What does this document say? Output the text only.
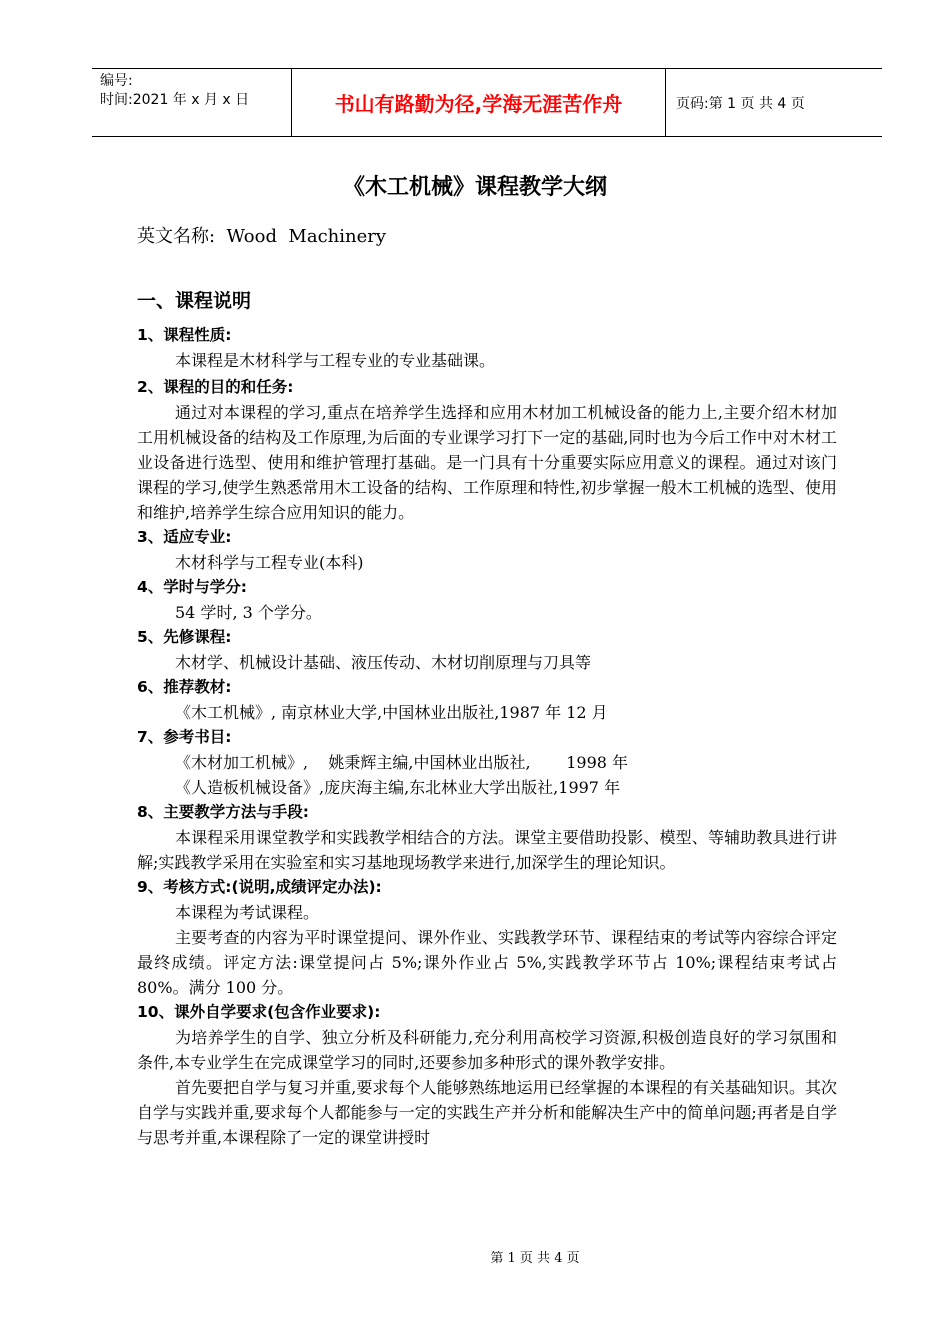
编号:
时间:2021 年 x 月 x 日	书山有路勤为径,学海无涯苦作舟	页码:第 1 页 共 4 页
《木工机械》课程教学大纲
英文名称:  Wood  Machinery
一、课程说明
1、课程性质:

本课程是木材科学与工程专业的专业基础课。

2、课程的目的和任务:

通过对本课程的学习,重点在培养学生选择和应用木材加工机械设备的能力上,主要介绍木材加工用机械设备的结构及工作原理,为后面的专业课学习打下一定的基础,同时也为今后工作中对木材工业设备进行选型、使用和维护管理打基础。是一门具有十分重要实际应用意义的课程。通过对该门课程的学习,使学生熟悉常用木工设备的结构、工作原理和特性,初步掌握一般木工机械的选型、使用和维护,培养学生综合应用知识的能力。

3、适应专业:

木材科学与工程专业(本科)

4、学时与学分:

54 学时, 3 个学分。

5、先修课程:

木材学、机械设计基础、液压传动、木材切削原理与刀具等

6、推荐教材:

《木工机械》, 南京林业大学,中国林业出版社,1987 年 12 月

7、参考书目:
《木材加工机械》,    姚秉辉主编,中国林业出版社,       1998 年
《人造板机械设备》,庞庆海主编,东北林业大学出版社,1997 年
8、主要教学方法与手段:

本课程采用课堂教学和实践教学相结合的方法。课堂主要借助投影、模型、等辅助教具进行讲解;实践教学采用在实验室和实习基地现场教学来进行,加深学生的理论知识。

9、考核方式:(说明,成绩评定办法):

本课程为考试课程。

主要考查的内容为平时课堂提问、课外作业、实践教学环节、课程结束的考试等内容综合评定最终成绩。评定方法:课堂提问占 5%;课外作业占 5%,实践教学环节占 10%;课程结束考试占 80%。满分 100 分。

10、课外自学要求(包含作业要求):

为培养学生的自学、独立分析及科研能力,充分利用高校学习资源,积极创造良好的学习氛围和条件,本专业学生在完成课堂学习的同时,还要参加多种形式的课外教学安排。

首先要把自学与复习并重,要求每个人能够熟练地运用已经掌握的本课程的有关基础知识。其次自学与实践并重,要求每个人都能参与一定的实践生产并分析和能解决生产中的简单问题;再者是自学与思考并重,本课程除了一定的课堂讲授时

第 1 页 共 4 页
